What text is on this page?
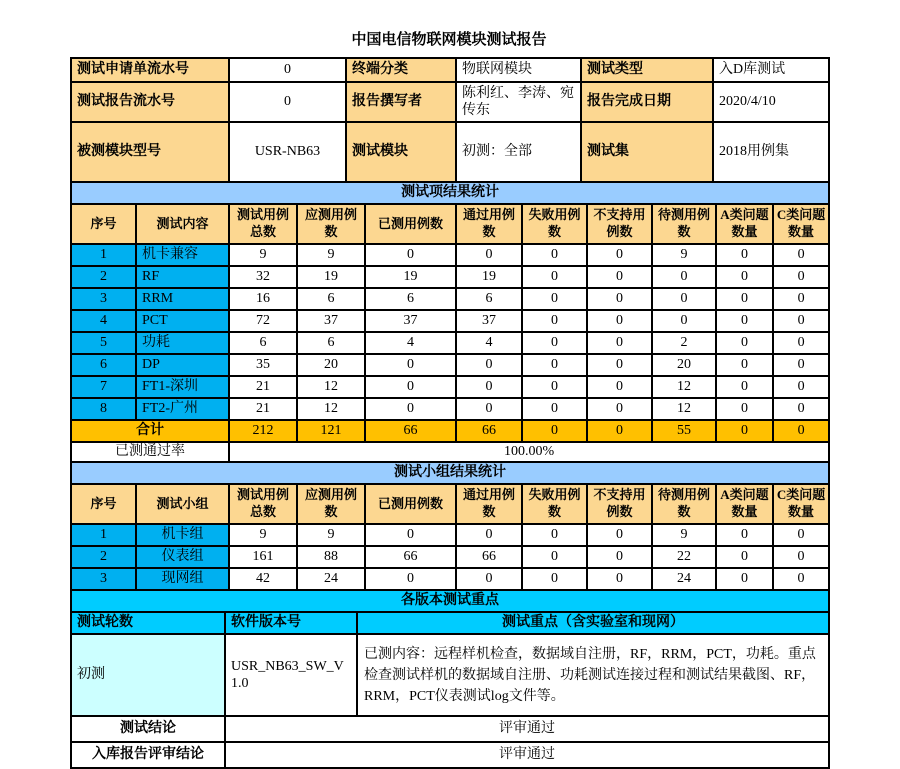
中国电信物联网模块测试报告
测试申请单流水号	0	终端分类	物联网模块	测试类型	入D库测试
测试报告流水号	0	报告撰写者	陈利红、李涛、宛传东	报告完成日期	2020/4/10
被测模块型号	USR-NB63	测试模块	初测：全部	测试集	2018用例集
测试项结果统计										
序号	测试内容	测试用例总数	应测用例数	已测用例数	通过用例数	失败用例数	不支持用例数	待测用例数	A类问题数量	C类问题数量
1	机卡兼容	9	9	0	0	0	0	9	0	0
2	RF	32	19	19	19	0	0	0	0	0
3	RRM	16	6	6	6	0	0	0	0	0
4	PCT	72	37	37	37	0	0	0	0	0
5	功耗	6	6	4	4	0	0	2	0	0
6	DP	35	20	0	0	0	0	20	0	0
7	FT1-深圳	21	12	0	0	0	0	12	0	0
8	FT2-广州	21	12	0	0	0	0	12	0	0
合计		212	121	66	66	0	0	55	0	0
已测通过率		100.00%								
测试小组结果统计										
序号	测试小组	测试用例总数	应测用例数	已测用例数	通过用例数	失败用例数	不支持用例数	待测用例数	A类问题数量	C类问题数量
1	机卡组	9	9	0	0	0	0	9	0	0
2	仪表组	161	88	66	66	0	0	22	0	0
3	现网组	42	24	0	0	0	0	24	0	0
各版本测试重点		
测试轮数	软件版本号	测试重点（含实验室和现网）
初测	USR_NB63_SW_V1.0	已测内容：远程样机检查，数据域自注册，RF，RRM，PCT，功耗。重点检查测试样机的数据域自注册、功耗测试连接过程和测试结果截图、RF，RRM，PCT仪表测试log文件等。
测试结论	评审通过
入库报告评审结论	评审通过
